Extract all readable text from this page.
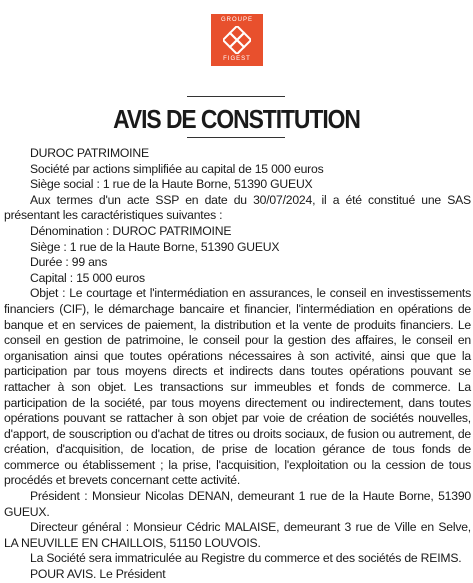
GROUPE
FIGEST
AVIS DE CONSTITUTION

DUROC PATRIMOINE

Société par actions simplifiée au capital de 15 000 euros

Siège social : 1 rue de la Haute Borne, 51390 GUEUX

Aux termes d'un acte SSP en date du 30/07/2024, il a été constitué une SAS présentant les caractéristiques suivantes :

Dénomination : DUROC PATRIMOINE

Siège : 1 rue de la Haute Borne, 51390 GUEUX

Durée : 99 ans

Capital : 15 000 euros

Objet : Le courtage et l'intermédiation en assurances, le conseil en investissements financiers (CIF), le démarchage bancaire et financier, l'intermédiation en opérations de banque et en services de paiement, la distribution et la vente de produits financiers. Le conseil en gestion de patrimoine, le conseil pour la gestion des affaires, le conseil en organisation ainsi que toutes opérations nécessaires à son activité, ainsi que que la participation par tous moyens directs et indirects dans toutes opérations pouvant se rattacher à son objet. Les transactions sur immeubles et fonds de commerce. La participation de la société, par tous moyens directement ou indirectement, dans toutes opérations pouvant se rattacher à son objet par voie de création de sociétés nouvelles, d'apport, de souscription ou d'achat de titres ou droits sociaux, de fusion ou autrement, de création, d'acquisition, de location, de prise de location gérance de tous fonds de commerce ou établissement ; la prise, l'acquisition, l'exploitation ou la cession de tous procédés et brevets concernant cette activité.

Président : Monsieur Nicolas DENAN, demeurant 1 rue de la Haute Borne, 51390 GUEUX.

Directeur général : Monsieur Cédric MALAISE, demeurant 3 rue de Ville en Selve, LA NEUVILLE EN CHAILLOIS, 51150 LOUVOIS.

La Société sera immatriculée au Registre du commerce et des sociétés de REIMS.

POUR AVIS. Le Président
